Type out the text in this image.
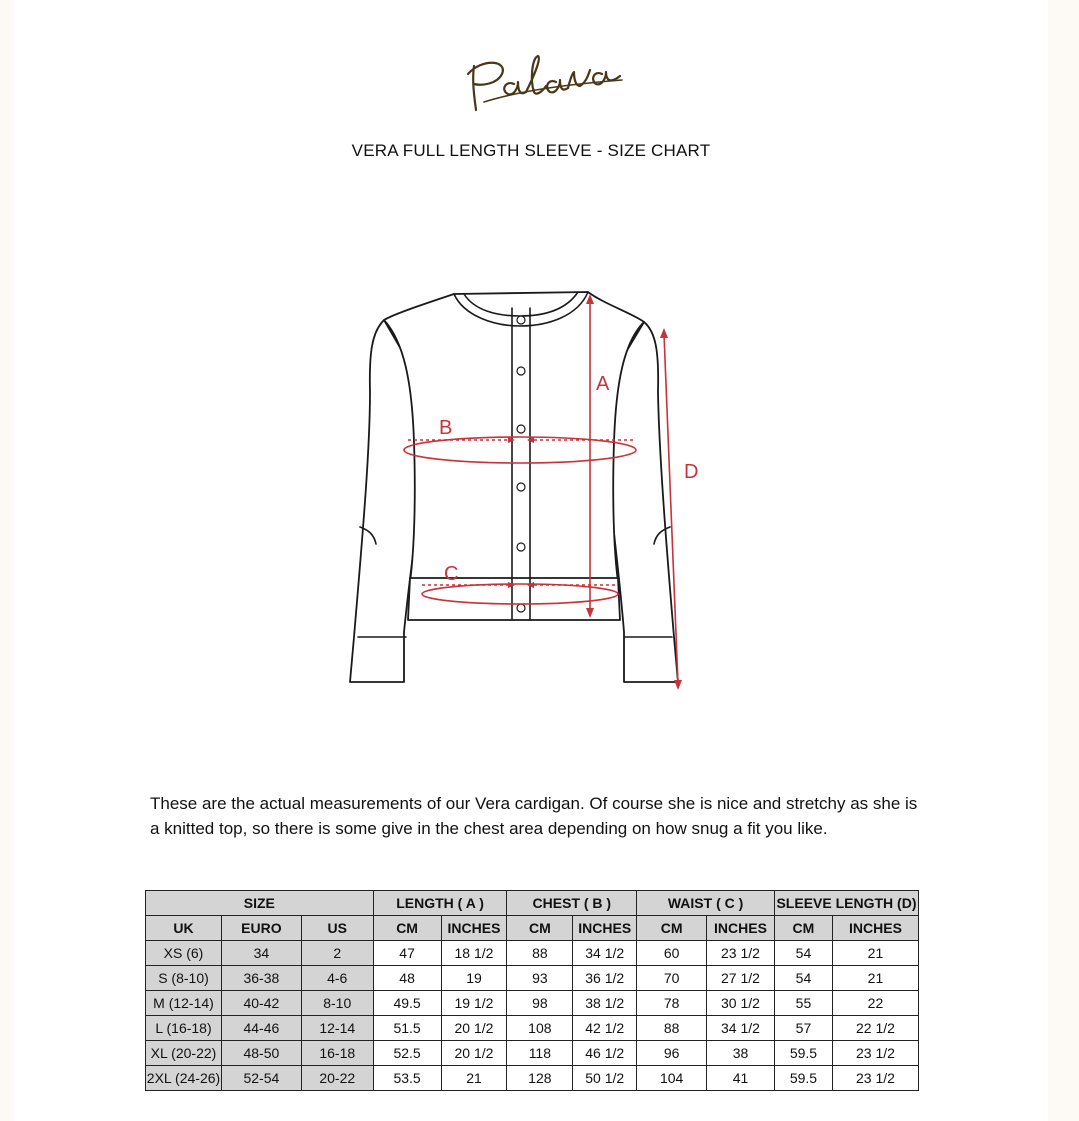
VERA FULL LENGTH SLEEVE - SIZE CHART
A
B
C
D
These are the actual measurements of our Vera cardigan. Of course she is nice and stretchy as she is a knitted top, so there is some give in the chest area depending on how snug a fit you like.
SIZE			LENGTH ( A )		CHEST ( B )		WAIST ( C )		SLEEVE LENGTH (D)	
UK	EURO	US	CM	INCHES	CM	INCHES	CM	INCHES	CM	INCHES
XS (6)	34	2	47	18 1/2	88	34 1/2	60	23 1/2	54	21
S (8-10)	36-38	4-6	48	19	93	36 1/2	70	27 1/2	54	21
M (12-14)	40-42	8-10	49.5	19 1/2	98	38 1/2	78	30 1/2	55	22
L (16-18)	44-46	12-14	51.5	20 1/2	108	42 1/2	88	34 1/2	57	22 1/2
XL (20-22)	48-50	16-18	52.5	20 1/2	118	46 1/2	96	38	59.5	23 1/2
2XL (24-26)	52-54	20-22	53.5	21	128	50 1/2	104	41	59.5	23 1/2
